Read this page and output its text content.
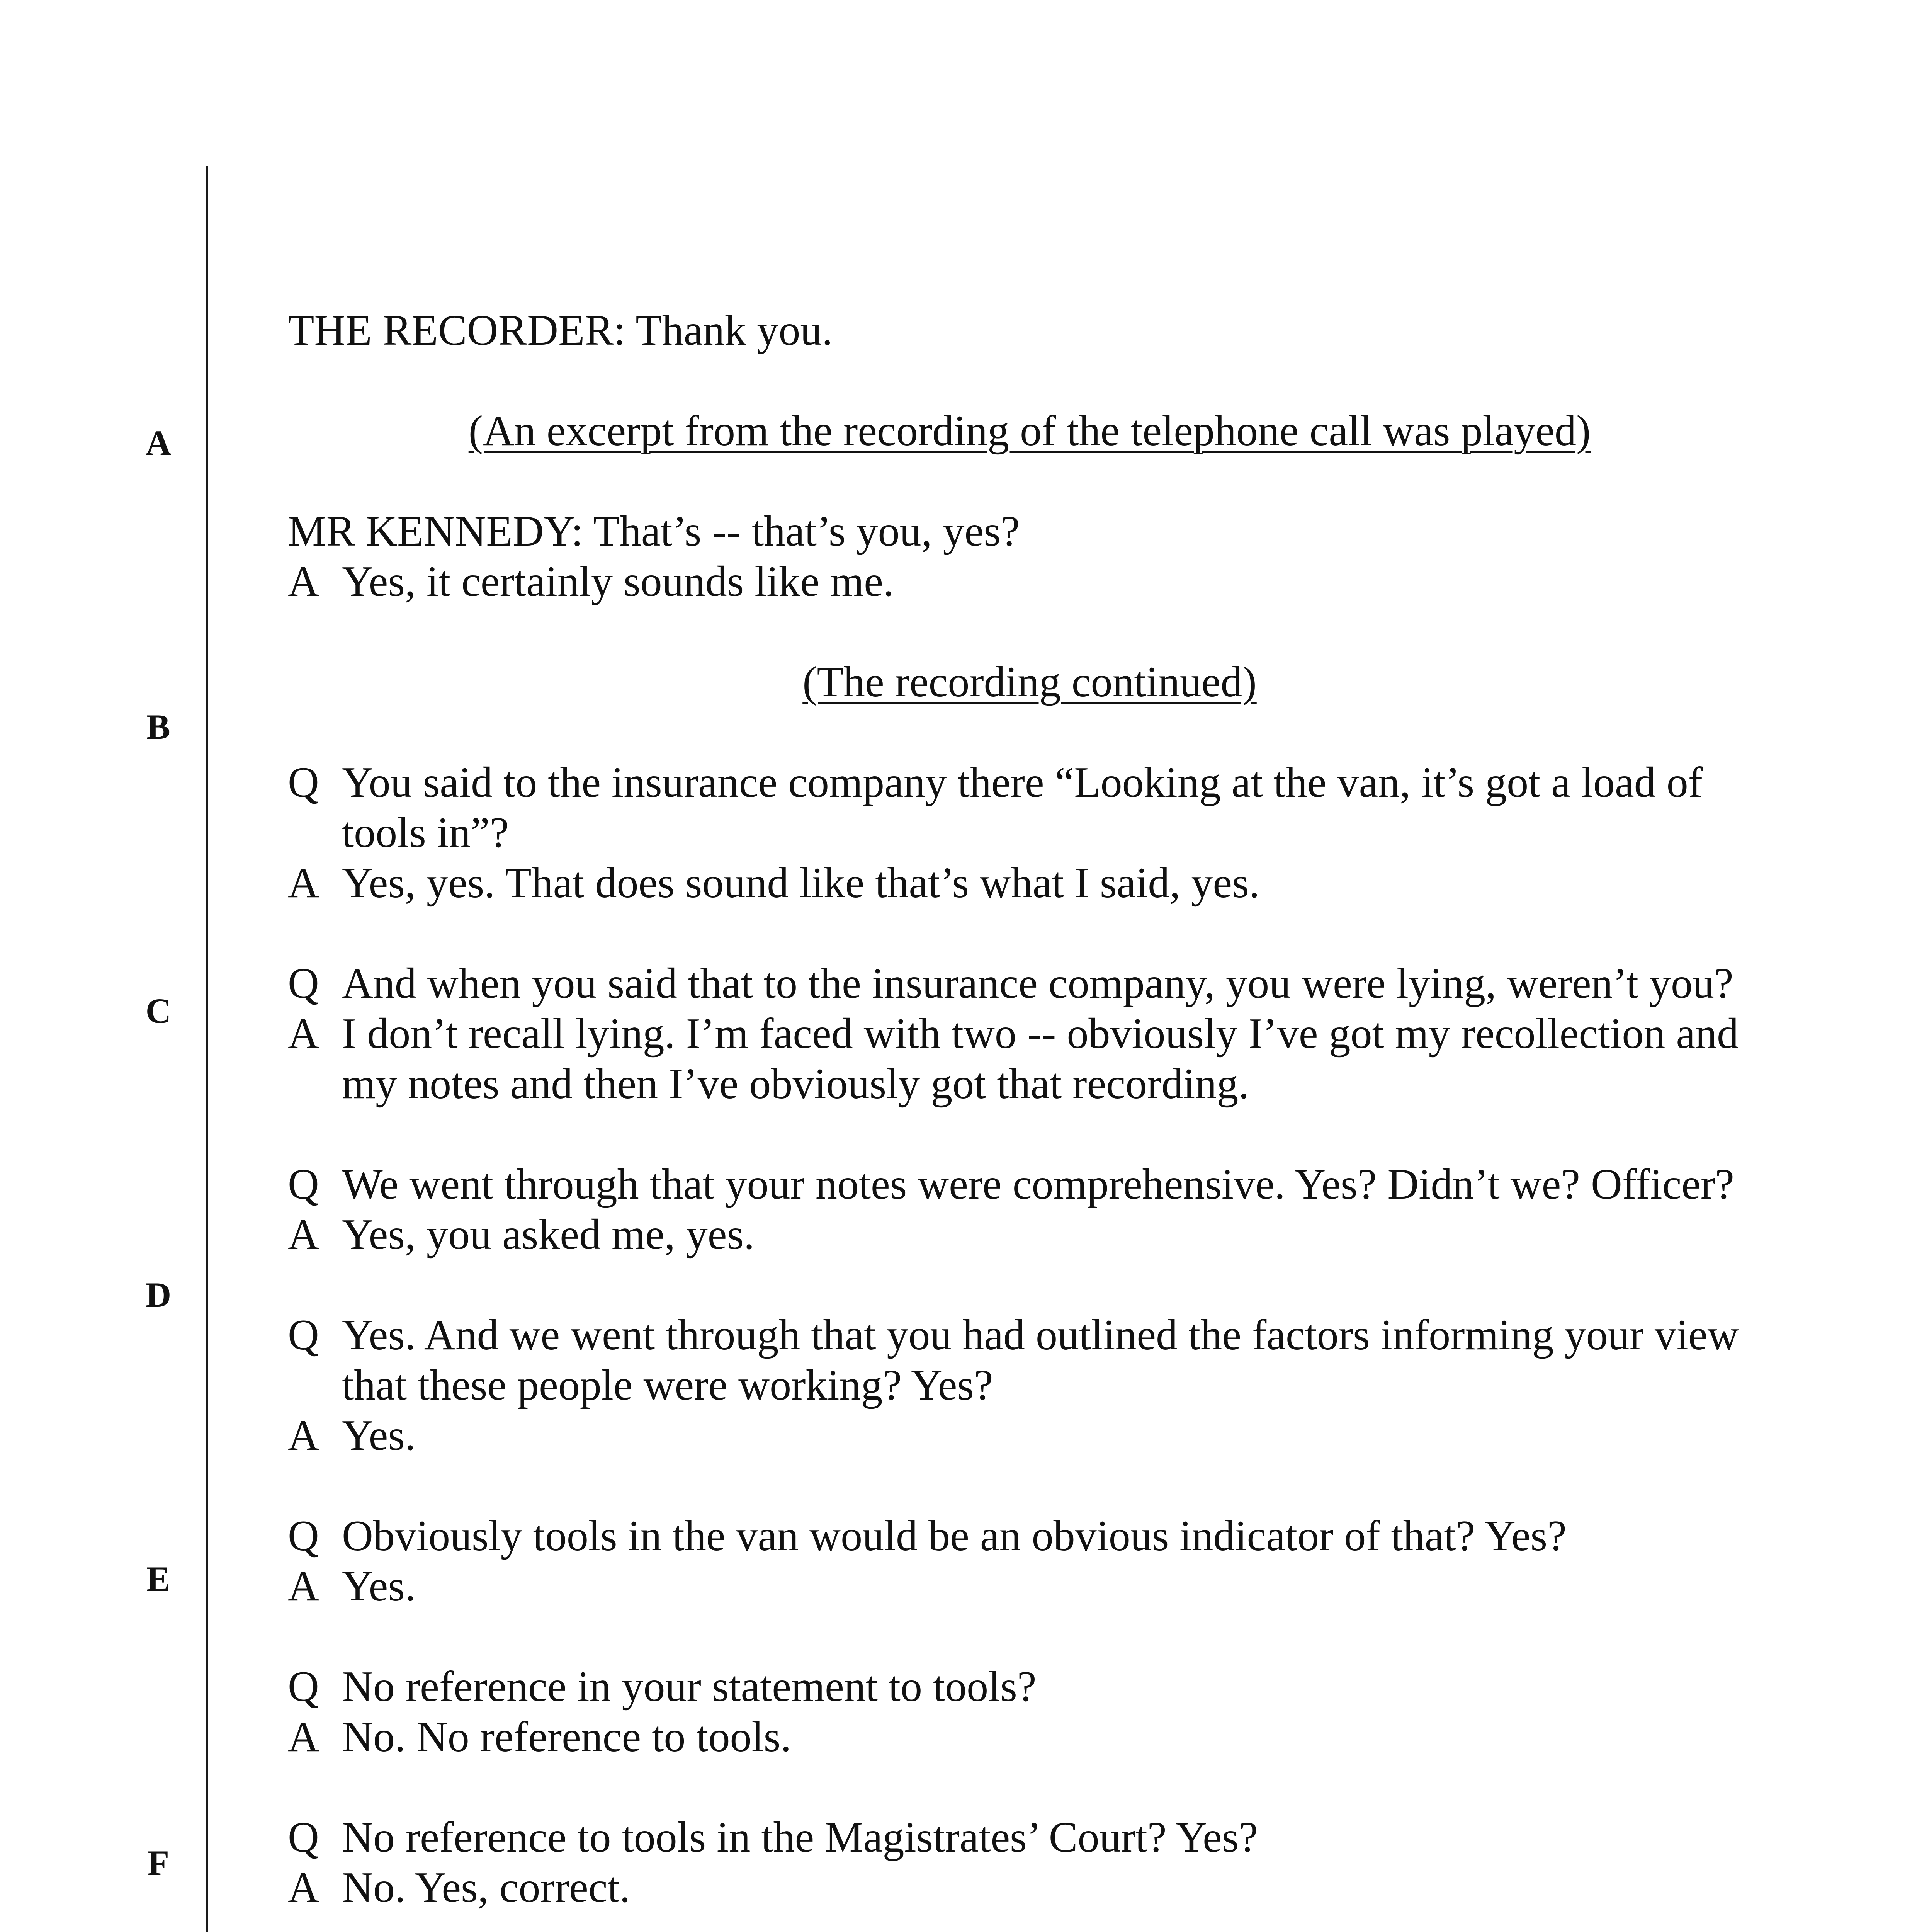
A
B
C
D
E
F

THE RECORDER: Thank you.

(An excerpt from the recording of the telephone call was played)

MR KENNEDY: That’s -- that’s you, yes?

A Yes, it certainly sounds like me.

(The recording continued)

Q You said to the insurance company there “Looking at the van, it’s got a load of tools in”?
A Yes, yes. That does sound like that’s what I said, yes.
Q And when you said that to the insurance company, you were lying, weren’t you?
A I don’t recall lying. I’m faced with two -- obviously I’ve got my recollection and my notes and then I’ve obviously got that recording.
Q We went through that your notes were comprehensive. Yes? Didn’t we? Officer?
A Yes, you asked me, yes.
Q Yes. And we went through that you had outlined the factors informing your view that these people were working? Yes?
A Yes.
Q Obviously tools in the van would be an obvious indicator of that? Yes?
A Yes.
Q No reference in your statement to tools?
A No. No reference to tools.
Q No reference to tools in the Magistrates’ Court? Yes?
A No. Yes, correct.
